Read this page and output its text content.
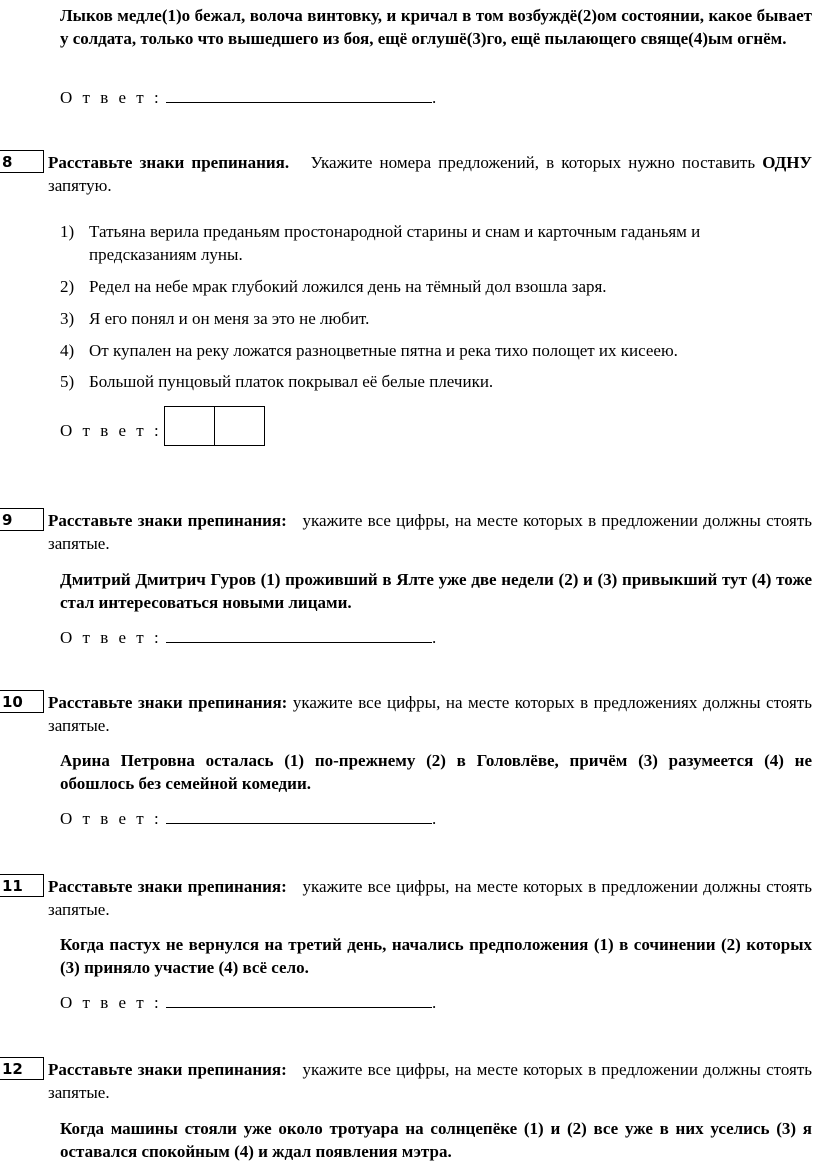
Лыков медле(1)о бежал, волоча винтовку, и кричал в том возбуждё(2)ом состоянии, какое бывает у солдата, только что вышедшего из боя, ещё оглушё(3)го, ещё пылающего свяще(4)ым огнём.
О т в е т :	.
8	Расставьте знаки препинания. Укажите номера предложений, в которых нужно поставить ОДНУ запятую.
1) Татьяна верила преданьям простонародной старины и снам и карточным гаданьям и предсказаниям луны.
2) Редел на небе мрак глубокий ложился день на тёмный дол взошла заря.
3) Я его понял и он меня за это не любит.
4) От купален на реку ложатся разноцветные пятна и река тихо полощет их кисеею.
5) Большой пунцовый платок покрывал её белые плечики.
О т в е т :
9	Расставьте знаки препинания: укажите все цифры, на месте которых в предложении должны стоять запятые.
Дмитрий Дмитрич Гуров (1) проживший в Ялте уже две недели (2) и (3) привыкший тут (4) тоже стал интересоваться новыми лицами.
О т в е т :	.
10	Расставьте знаки препинания: укажите все цифры, на месте которых в предложениях должны стоять запятые.
Арина Петровна осталась (1) по-прежнему (2) в Головлёве, причём (3) разумеется (4) не обошлось без семейной комедии.
О т в е т :	.
11	Расставьте знаки препинания: укажите все цифры, на месте которых в предложении должны стоять запятые.
Когда пастух не вернулся на третий день, начались предположения (1) в сочинении (2) которых (3) приняло участие (4) всё село.
О т в е т :	.
12	Расставьте знаки препинания: укажите все цифры, на месте которых в предложении должны стоять запятые.
Когда машины стояли уже около тротуара на солнцепёке (1) и (2) все уже в них уселись (3) я оставался спокойным (4) и ждал появления мэтра.
